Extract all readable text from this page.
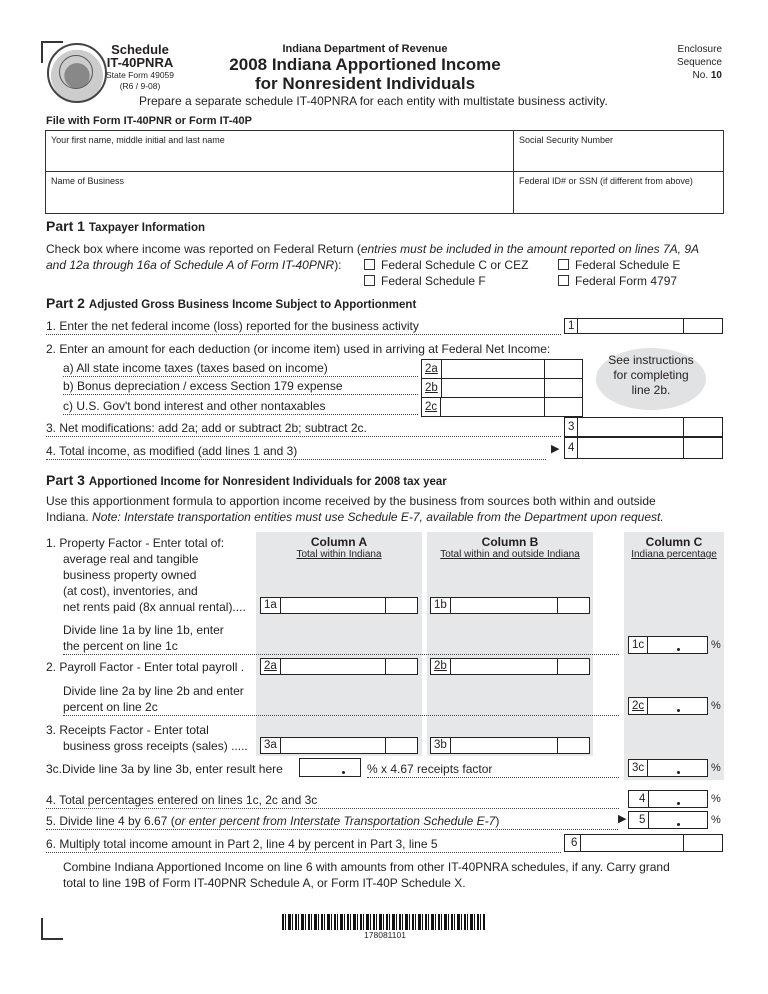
Schedule
IT-40PNRA
State Form 49059
(R6 / 9-08)
Indiana Department of Revenue
2008 Indiana Apportioned Income
for Nonresident Individuals
Enclosure
Sequence
No. 10
Prepare a separate schedule IT-40PNRA for each entity with multistate business activity.
File with Form IT-40PNR or Form IT-40P
Your first name, middle initial and last name	Social Security Number
Name of Business	Federal ID# or SSN (if different from above)
Part 1 Taxpayer Information
Check box where income was reported on Federal Return (entries must be included in the amount reported on lines 7A, 9A
and 12a through 16a of Schedule A of Form IT-40PNR):	Federal Schedule C or CEZ	Federal Schedule E
Federal Schedule F	Federal Form 4797
Part 2 Adjusted Gross Business Income Subject to Apportionment
1. Enter the net federal income (loss) reported for the business activity	1
2. Enter an amount for each deduction (or income item) used in arriving at Federal Net Income:
a) All state income taxes (taxes based on income)	2a
b) Bonus depreciation / excess Section 179 expense	2b
c) U.S. Gov't bond interest and other nontaxables	2c
See instructions
for completing
line 2b.
3. Net modifications: add 2a; add or subtract 2b; subtract 2c.	3
4. Total income, as modified (add lines 1 and 3)	▶ 4
Part 3 Apportioned Income for Nonresident Individuals for 2008 tax year
Use this apportionment formula to apportion income received by the business from sources both within and outside
Indiana. Note: Interstate transportation entities must use Schedule E-7, available from the Department upon request.
Column A
Total within Indiana
Column B
Total within and outside Indiana
Column C
Indiana percentage
1. Property Factor - Enter total of:
average real and tangible
business property owned
(at cost), inventories, and
net rents paid (8x annual rental).... 1a	1b
Divide line 1a by line 1b, enter
the percent on line 1c	1c	%
2. Payroll Factor - Enter total payroll . 2a	2b
Divide line 2a by line 2b and enter
percent on line 2c	2c	%
3. Receipts Factor - Enter total
business gross receipts (sales) ..... 3a	3b
3c.Divide line 3a by line 3b, enter result here	% x 4.67 receipts factor	3c	%
4. Total percentages entered on lines 1c, 2c and 3c	4	%
5. Divide line 4 by 6.67 (or enter percent from Interstate Transportation Schedule E-7)	▶	5	%
6. Multiply total income amount in Part 2, line 4 by percent in Part 3, line 5	6
Combine Indiana Apportioned Income on line 6 with amounts from other IT-40PNRA schedules, if any. Carry grand
total to line 19B of Form IT-40PNR Schedule A, or Form IT-40P Schedule X.
178081101
